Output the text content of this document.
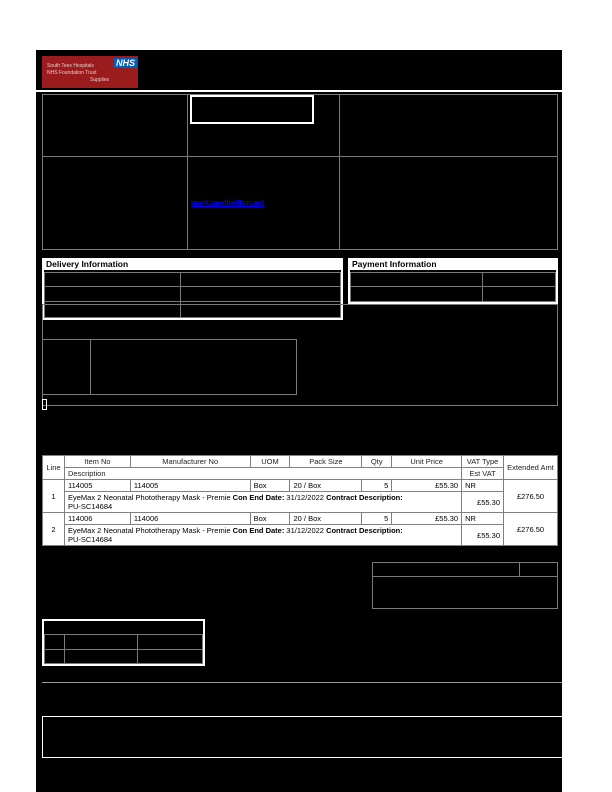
NHS
South Tees Hospitals
NHS Foundation Trust
Supplies
mark.medbellton.net
Delivery Information	Payment Information
Line	Item No	Manufacturer No	UOM	Pack Size	Qty	Unit Price	VAT Type	Extended Amt
	Description						Est VAT	
1	114005	114005	Box	20 / Box	5	£55.30	NR	£276.50
	EyeMax 2 Neonatal Phototherapy Mask - Premie Con End Date: 31/12/2022 Contract Description:
PU-SC14684						£55.30	
2	114006	114006	Box	20 / Box	5	£55.30	NR	£276.50
	EyeMax 2 Neonatal Phototherapy Mask - Premie Con End Date: 31/12/2022 Contract Description:
PU-SC14684						£55.30	
